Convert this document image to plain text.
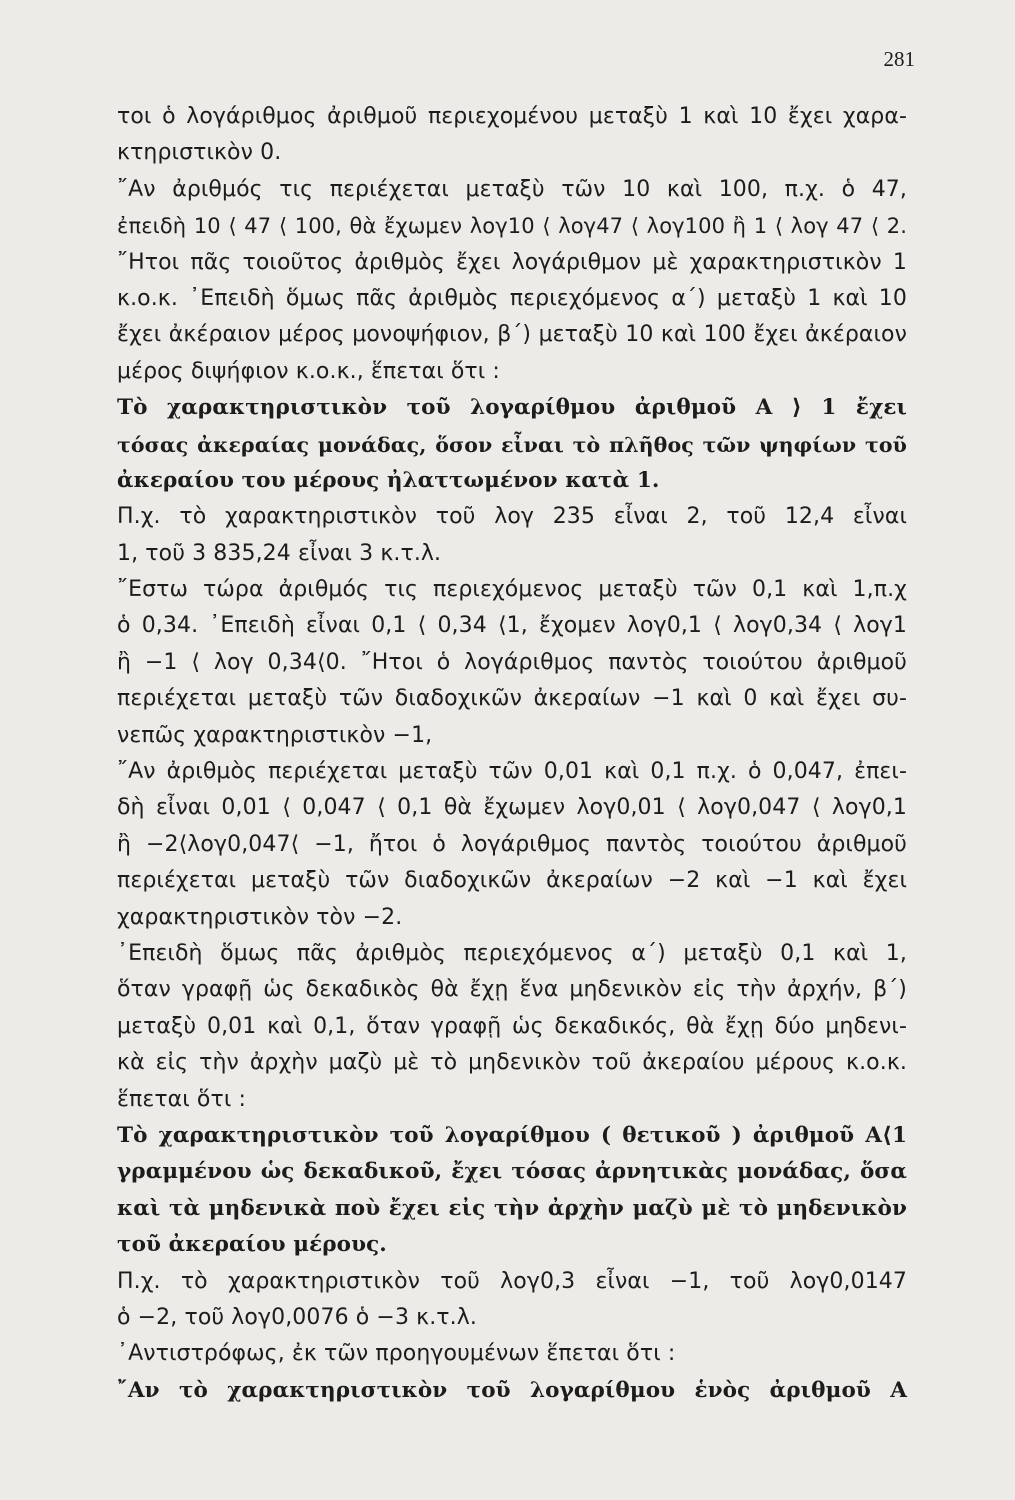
281
τοι ὁ λογάριθμος ἀριθμοῦ περιεχομένου μεταξὺ 1 καὶ 10 ἔχει χαρα-
κτηριστικὸν 0.
῎Αν ἀριθμός τις περιέχεται μεταξὺ τῶν 10 καὶ 100, π.χ. ὁ 47,
ἐπειδὴ 10 ⟨ 47 ⟨ 100, θὰ ἔχωμεν λογ10 ⟨ λογ47 ⟨ λογ100 ἢ 1 ⟨ λογ 47 ⟨ 2.
῎Ητοι πᾶς τοιοῦτος ἀριθμὸς ἔχει λογάριθμον μὲ χαρακτηριστικὸν 1
κ.ο.κ. ᾿Επειδὴ ὅμως πᾶς ἀριθμὸς περιεχόμενος α΄) μεταξὺ 1 καὶ 10
ἔχει ἀκέραιον μέρος μονοψήφιον, β΄) μεταξὺ 10 καὶ 100 ἔχει ἀκέραιον
μέρος διψήφιον κ.ο.κ., ἕπεται ὅτι :
Τὸ χαρακτηριστικὸν τοῦ λογαρίθμου ἀριθμοῦ Α ⟩ 1 ἔχει
τόσας ἀκεραίας μονάδας, ὅσον εἶναι τὸ πλῆθος τῶν ψηφίων τοῦ
ἀκεραίου του μέρους ἠλαττωμένον κατὰ 1.
Π.χ. τὸ χαρακτηριστικὸν τοῦ λογ 235 εἶναι 2, τοῦ 12,4 εἶναι
1, τοῦ 3 835,24 εἶναι 3 κ.τ.λ.
῎Εστω τώρα ἀριθμός τις περιεχόμενος μεταξὺ τῶν 0,1 καὶ 1,π.χ
ὁ 0,34. ᾿Επειδὴ εἶναι 0,1 ⟨ 0,34 ⟨1, ἔχομεν λογ0,1 ⟨ λογ0,34 ⟨ λογ1
ἢ −1 ⟨ λογ 0,34⟨0. ῎Ητοι ὁ λογάριθμος παντὸς τοιούτου ἀριθμοῦ
περιέχεται μεταξὺ τῶν διαδοχικῶν ἀκεραίων −1 καὶ 0 καὶ ἔχει συ-
νεπῶς χαρακτηριστικὸν −1,
῎Αν ἀριθμὸς περιέχεται μεταξὺ τῶν 0,01 καὶ 0,1 π.χ. ὁ 0,047, ἐπει-
δὴ εἶναι 0,01 ⟨ 0,047 ⟨ 0,1 θὰ ἔχωμεν λογ0,01 ⟨ λογ0,047 ⟨ λογ0,1
ἢ −2⟨λογ0,047⟨ −1, ἤτοι ὁ λογάριθμος παντὸς τοιούτου ἀριθμοῦ
περιέχεται μεταξὺ τῶν διαδοχικῶν ἀκεραίων −2 καὶ −1 καὶ ἔχει
χαρακτηριστικὸν τὸν −2.
᾿Επειδὴ ὅμως πᾶς ἀριθμὸς περιεχόμενος α΄) μεταξὺ 0,1 καὶ 1,
ὅταν γραφῇ ὡς δεκαδικὸς θὰ ἔχῃ ἕνα μηδενικὸν εἰς τὴν ἀρχήν, β΄)
μεταξὺ 0,01 καὶ 0,1, ὅταν γραφῇ ὡς δεκαδικός, θὰ ἔχῃ δύο μηδενι-
κὰ εἰς τὴν ἀρχὴν μαζὺ μὲ τὸ μηδενικὸν τοῦ ἀκεραίου μέρους κ.ο.κ.
ἕπεται ὅτι :
Τὸ χαρακτηριστικὸν τοῦ λογαρίθμου ( θετικοῦ ) ἀριθμοῦ Α⟨1
γραμμένου ὡς δεκαδικοῦ, ἔχει τόσας ἀρνητικὰς μονάδας, ὅσα
καὶ τὰ μηδενικὰ ποὺ ἔχει εἰς τὴν ἀρχὴν μαζὺ μὲ τὸ μηδενικὸν
τοῦ ἀκεραίου μέρους.
Π.χ. τὸ χαρακτηριστικὸν τοῦ λογ0,3 εἶναι −1, τοῦ λογ0,0147
ὁ −2, τοῦ λογ0,0076 ὁ −3 κ.τ.λ.
᾿Αντιστρόφως, ἐκ τῶν προηγουμένων ἕπεται ὅτι :
῎Αν τὸ χαρακτηριστικὸν τοῦ λογαρίθμου ἑνὸς ἀριθμοῦ Α
